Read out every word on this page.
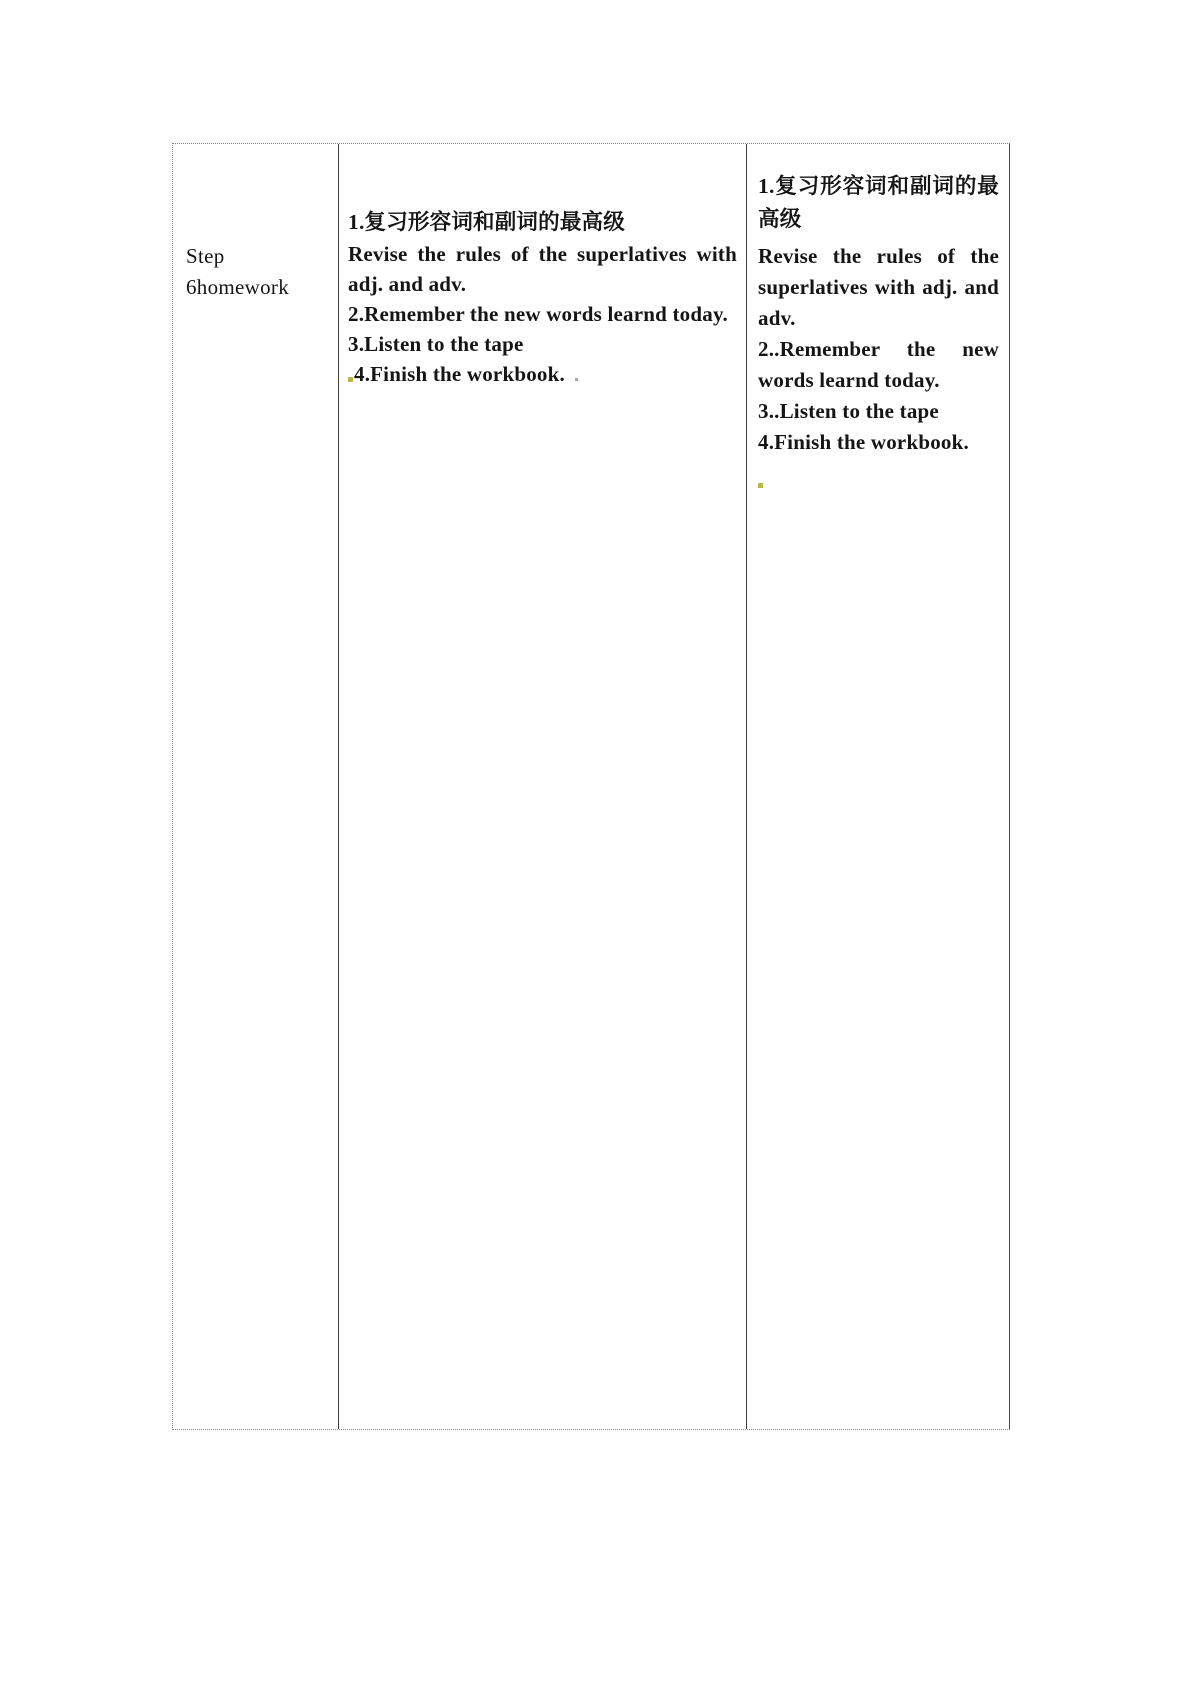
Step
6homework
1.复习形容词和副词的最高级
Revise the rules of the superlatives with
adj. and adv.
2.Remember the new words learnd today.
3.Listen to the tape
4.Finish the workbook.
1.复习形容词和副词的最
高级
Revise the rules of the
superlatives with adj. and
adv.
2..Remember the new
words learnd today.
3..Listen to the tape
4.Finish the workbook.
